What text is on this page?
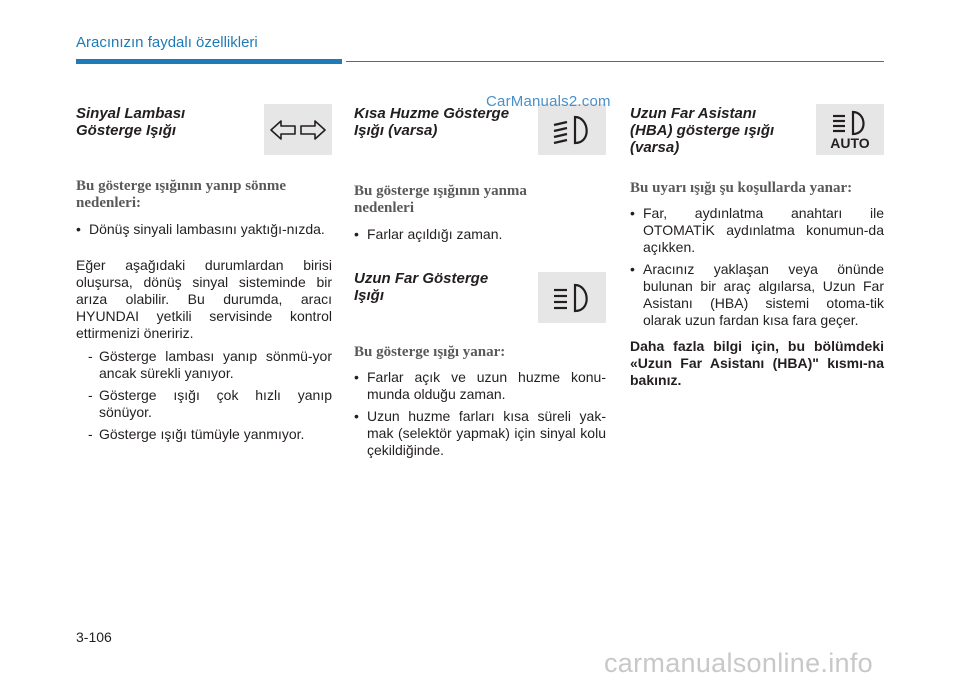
Aracınızın faydalı özellikleri
Sinyal Lambası
Gösterge Işığı
Bu gösterge ışığının yanıp sönme
nedenleri:
• Dönüş sinyali lambasını yaktığı-nızda.

Eğer aşağıdaki durumlardan birisi oluşursa, dönüş sinyal sisteminde bir arıza olabilir. Bu durumda, aracı HYUNDAI yetkili servisinde kontrol ettirmenizi öneririz.

- Gösterge lambası yanıp sönmü-yor ancak sürekli yanıyor.
- Gösterge ışığı çok hızlı yanıp sönüyor.
- Gösterge ışığı tümüyle yanmıyor.
Kısa Huzme Gösterge
Işığı (varsa)
Bu gösterge ışığının yanma
nedenleri
• Farlar açıldığı zaman.
Uzun Far Gösterge
Işığı
Bu gösterge ışığı yanar:
• Farlar açık ve uzun huzme konu-munda olduğu zaman.
• Uzun huzme farları kısa süreli yak-mak (selektör yapmak) için sinyal kolu çekildiğinde.
Uzun Far Asistanı
(HBA) gösterge ışığı
(varsa)	AUTO
Bu uyarı ışığı şu koşullarda yanar:
• Far, aydınlatma anahtarı ile OTOMATİK aydınlatma konumun-da açıkken.
• Aracınız yaklaşan veya önünde bulunan bir araç algılarsa, Uzun Far Asistanı (HBA) sistemi otoma-tik olarak uzun fardan kısa fara geçer.

Daha fazla bilgi için, bu bölümdeki «Uzun Far Asistanı (HBA)" kısmı-na bakınız.

CarManuals2.com
3-106
carmanualsonline.info
